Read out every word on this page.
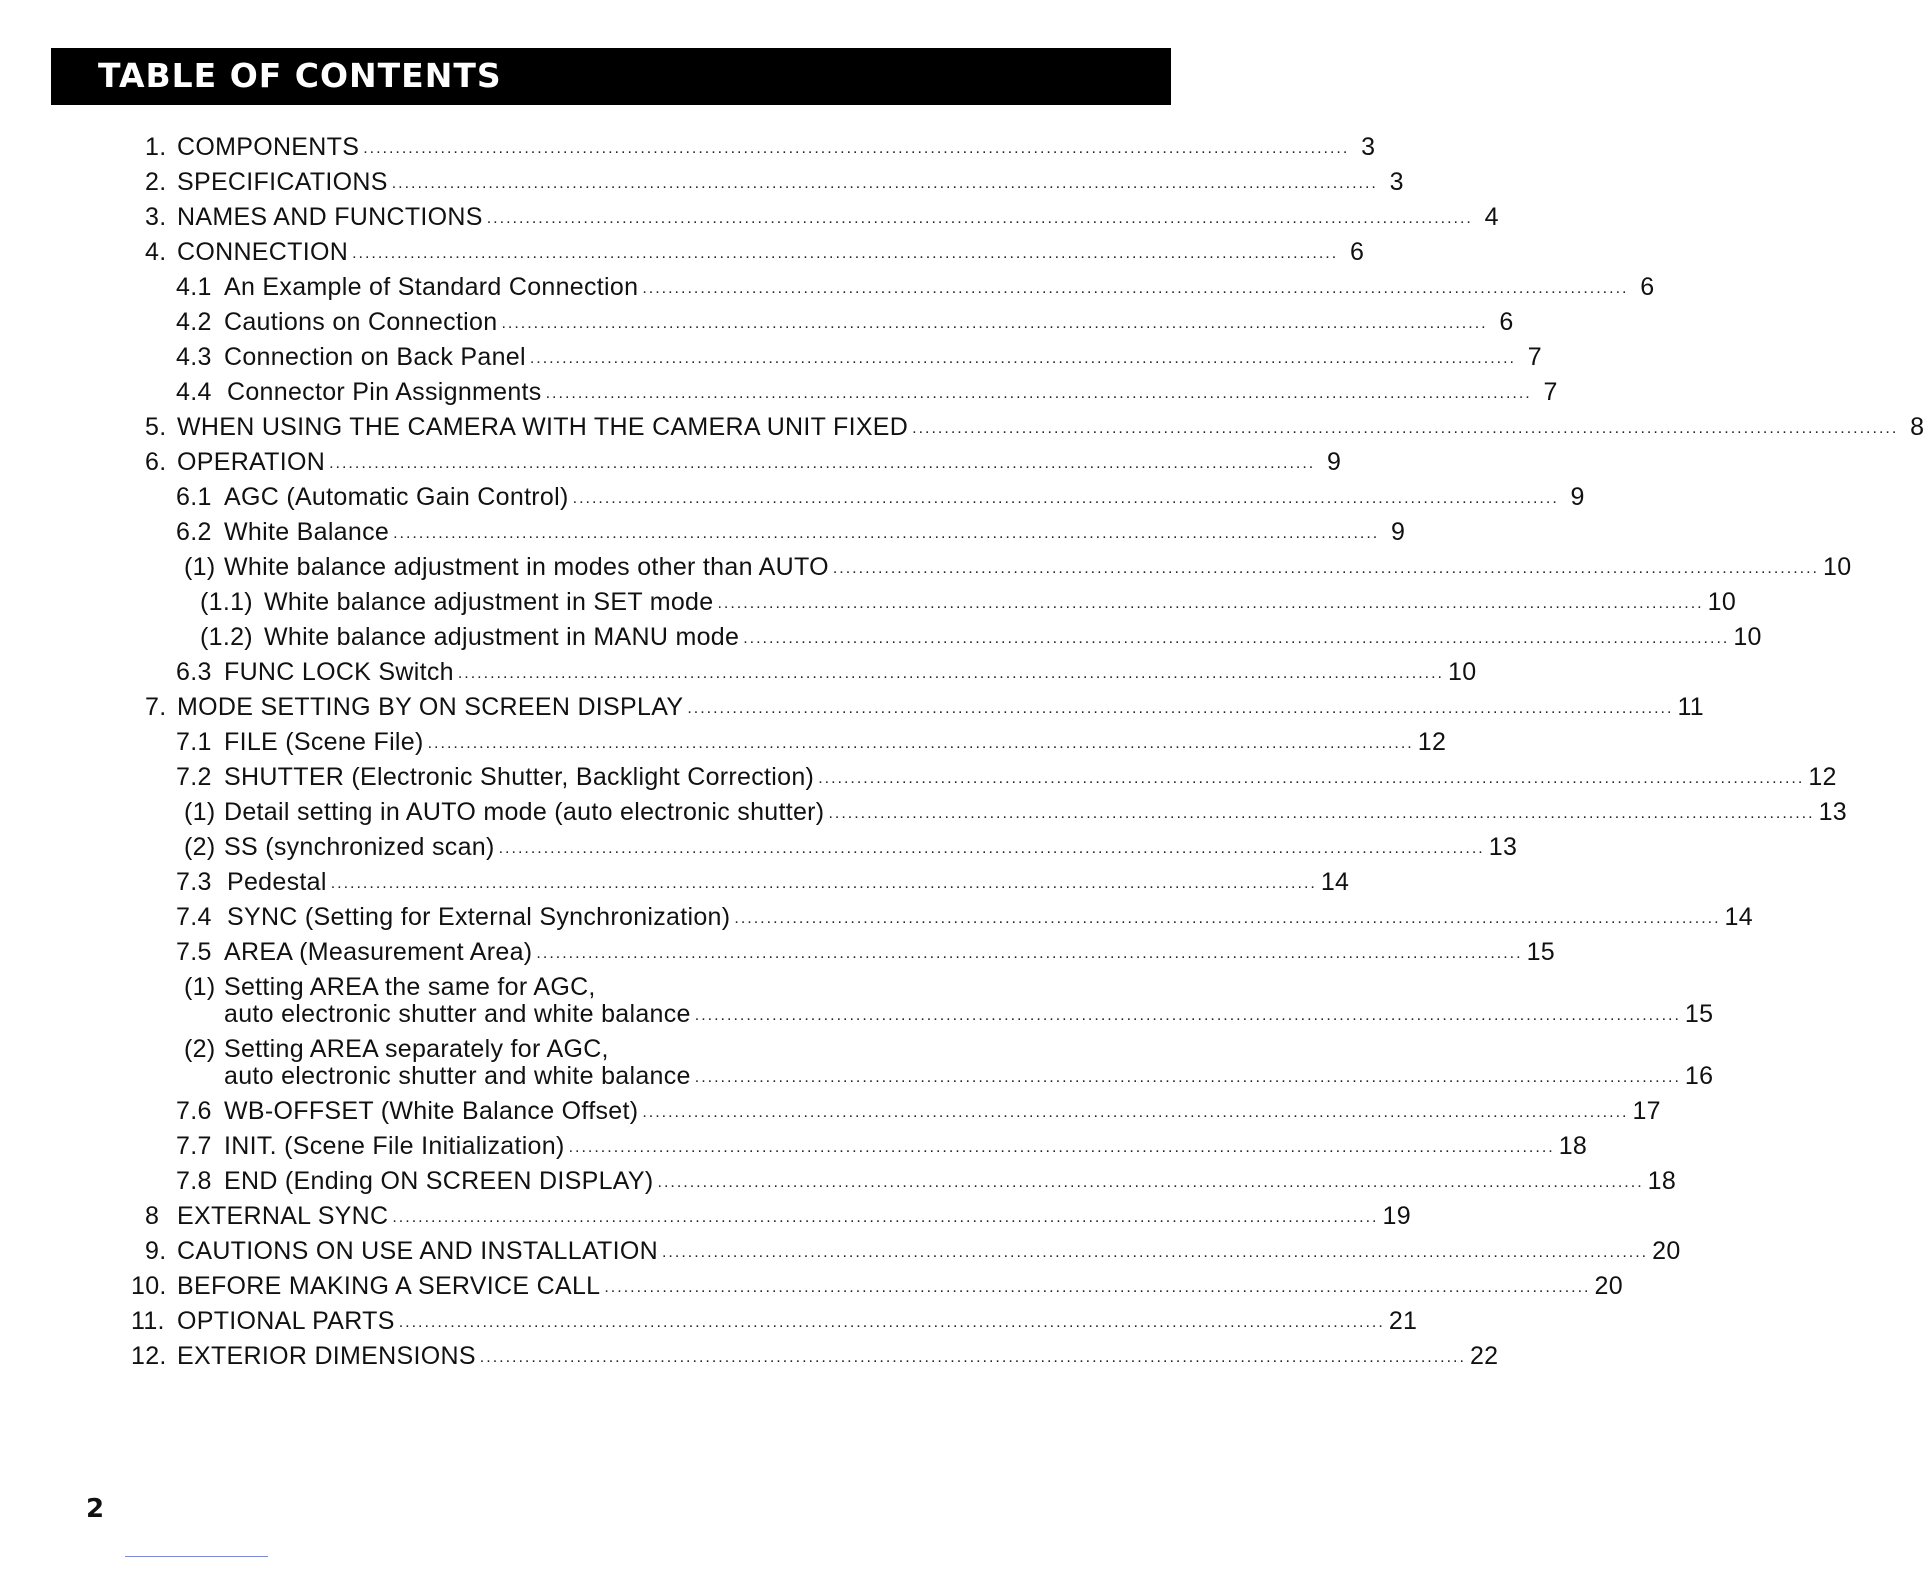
TABLE OF CONTENTS
1. COMPONENTS ......................................................................................................................................................... 3
2. SPECIFICATIONS ......................................................................................................................................................... 3
3. NAMES AND FUNCTIONS ......................................................................................................................................................... 4
4. CONNECTION ......................................................................................................................................................... 6
4.1 An Example of Standard Connection ......................................................................................................................................................... 6
4.2 Cautions on Connection ......................................................................................................................................................... 6
4.3 Connection on Back Panel ......................................................................................................................................................... 7
4.4 Connector Pin Assignments ......................................................................................................................................................... 7
5. WHEN USING THE CAMERA WITH THE CAMERA UNIT FIXED ......................................................................................................................................................... 8
6. OPERATION ......................................................................................................................................................... 9
6.1 AGC (Automatic Gain Control) ......................................................................................................................................................... 9
6.2 White Balance ......................................................................................................................................................... 9
(1) White balance adjustment in modes other than AUTO ......................................................................................................................................................... 10
(1.1) White balance adjustment in SET mode ......................................................................................................................................................... 10
(1.2) White balance adjustment in MANU mode ......................................................................................................................................................... 10
6.3 FUNC LOCK Switch ......................................................................................................................................................... 10
7. MODE SETTING BY ON SCREEN DISPLAY ......................................................................................................................................................... 11
7.1 FILE (Scene File) ......................................................................................................................................................... 12
7.2 SHUTTER (Electronic Shutter, Backlight Correction) ......................................................................................................................................................... 12
(1) Detail setting in AUTO mode (auto electronic shutter) ......................................................................................................................................................... 13
(2) SS (synchronized scan) ......................................................................................................................................................... 13
7.3 Pedestal ......................................................................................................................................................... 14
7.4 SYNC (Setting for External Synchronization) ......................................................................................................................................................... 14
7.5 AREA (Measurement Area) ......................................................................................................................................................... 15
(1) Setting AREA the same for AGC,
auto electronic shutter and white balance ......................................................................................................................................................... 15
(2) Setting AREA separately for AGC,
auto electronic shutter and white balance ......................................................................................................................................................... 16
7.6 WB-OFFSET (White Balance Offset) ......................................................................................................................................................... 17
7.7 INIT. (Scene File Initialization) ......................................................................................................................................................... 18
7.8 END (Ending ON SCREEN DISPLAY) ......................................................................................................................................................... 18
8 EXTERNAL SYNC ......................................................................................................................................................... 19
9. CAUTIONS ON USE AND INSTALLATION ......................................................................................................................................................... 20
10. BEFORE MAKING A SERVICE CALL ......................................................................................................................................................... 20
11. OPTIONAL PARTS ......................................................................................................................................................... 21
12. EXTERIOR DIMENSIONS ......................................................................................................................................................... 22
2
